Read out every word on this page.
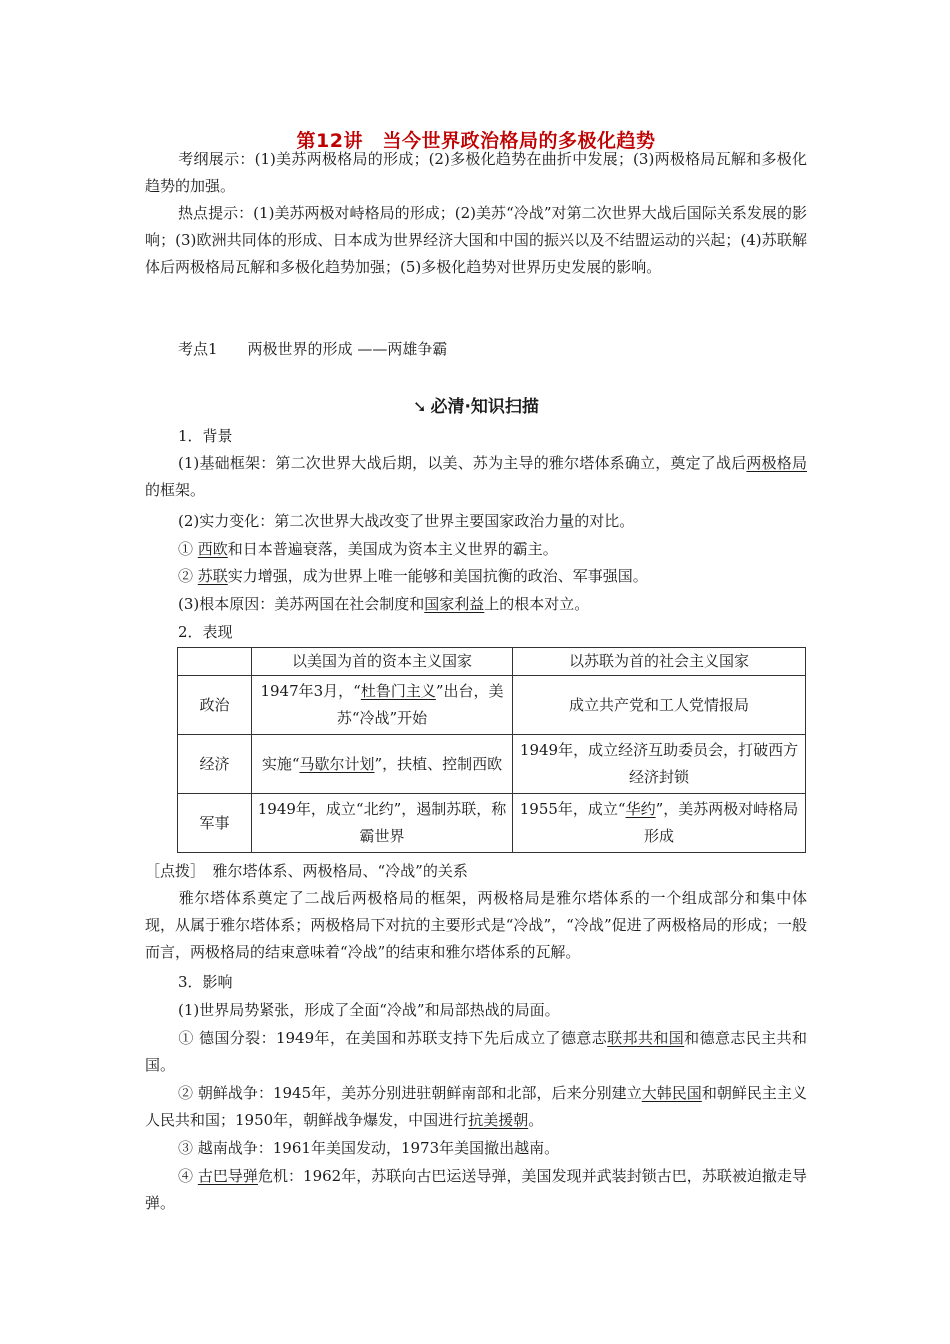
第12讲　当今世界政治格局的多极化趋势

考纲展示：(1)美苏两极格局的形成；(2)多极化趋势在曲折中发展；(3)两极格局瓦解和多极化趋势的加强。

热点提示：(1)美苏两极对峙格局的形成；(2)美苏“冷战”对第二次世界大战后国际关系发展的影响；(3)欧洲共同体的形成、日本成为世界经济大国和中国的振兴以及不结盟运动的兴起；(4)苏联解体后两极格局瓦解和多极化趋势加强；(5)多极化趋势对世界历史发展的影响。

考点1　　两极世界的形成 ——两雄争霸
➘ 必清·知识扫描
1．背景

(1)基础框架：第二次世界大战后期，以美、苏为主导的雅尔塔体系确立，奠定了战后两极格局的框架。

(2)实力变化：第二次世界大战改变了世界主要国家政治力量的对比。
① 西欧和日本普遍衰落，美国成为资本主义世界的霸主。
② 苏联实力增强，成为世界上唯一能够和美国抗衡的政治、军事强国。
(3)根本原因：美苏两国在社会制度和国家利益上的根本对立。
2．表现
	以美国为首的资本主义国家	以苏联为首的社会主义国家
政治	1947年3月，“杜鲁门主义”出台，美苏“冷战”开始	成立共产党和工人党情报局
经济	实施“马歇尔计划”，扶植、控制西欧	1949年，成立经济互助委员会，打破西方经济封锁
军事	1949年，成立“北约”，遏制苏联，称霸世界	1955年，成立“华约”，美苏两极对峙格局形成
［点拨］　雅尔塔体系、两极格局、“冷战”的关系

雅尔塔体系奠定了二战后两极格局的框架，两极格局是雅尔塔体系的一个组成部分和集中体现，从属于雅尔塔体系；两极格局下对抗的主要形式是“冷战”，“冷战”促进了两极格局的形成；一般而言，两极格局的结束意味着“冷战”的结束和雅尔塔体系的瓦解。

3．影响
(1)世界局势紧张，形成了全面“冷战”和局部热战的局面。

① 德国分裂：1949年，在美国和苏联支持下先后成立了德意志联邦共和国和德意志民主共和国。

② 朝鲜战争：1945年，美苏分别进驻朝鲜南部和北部，后来分别建立大韩民国和朝鲜民主主义人民共和国；1950年，朝鲜战争爆发，中国进行抗美援朝。

③ 越南战争：1961年美国发动，1973年美国撤出越南。

④ 古巴导弹危机：1962年，苏联向古巴运送导弹，美国发现并武装封锁古巴，苏联被迫撤走导弹。
